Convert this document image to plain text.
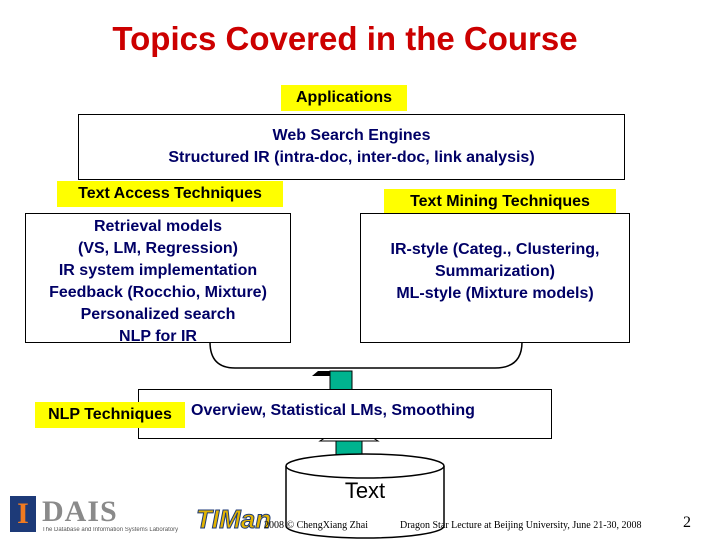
Topics Covered in the Course
Applications
Web Search Engines
Structured IR (intra-doc, inter-doc, link analysis)
Text Access Techniques	Text Mining Techniques
Retrieval models
(VS, LM, Regression)
IR system implementation
Feedback (Rocchio, Mixture)
Personalized search
NLP for IR
IR-style (Categ., Clustering,
Summarization)
ML-style (Mixture models)
Overview, Statistical LMs, Smoothing
NLP Techniques
Text
I DAIS
The Database and Information Systems Laboratory TIMan
2008 © ChengXiang Zhai	Dragon Star Lecture at Beijing University, June 21-30, 2008	2
